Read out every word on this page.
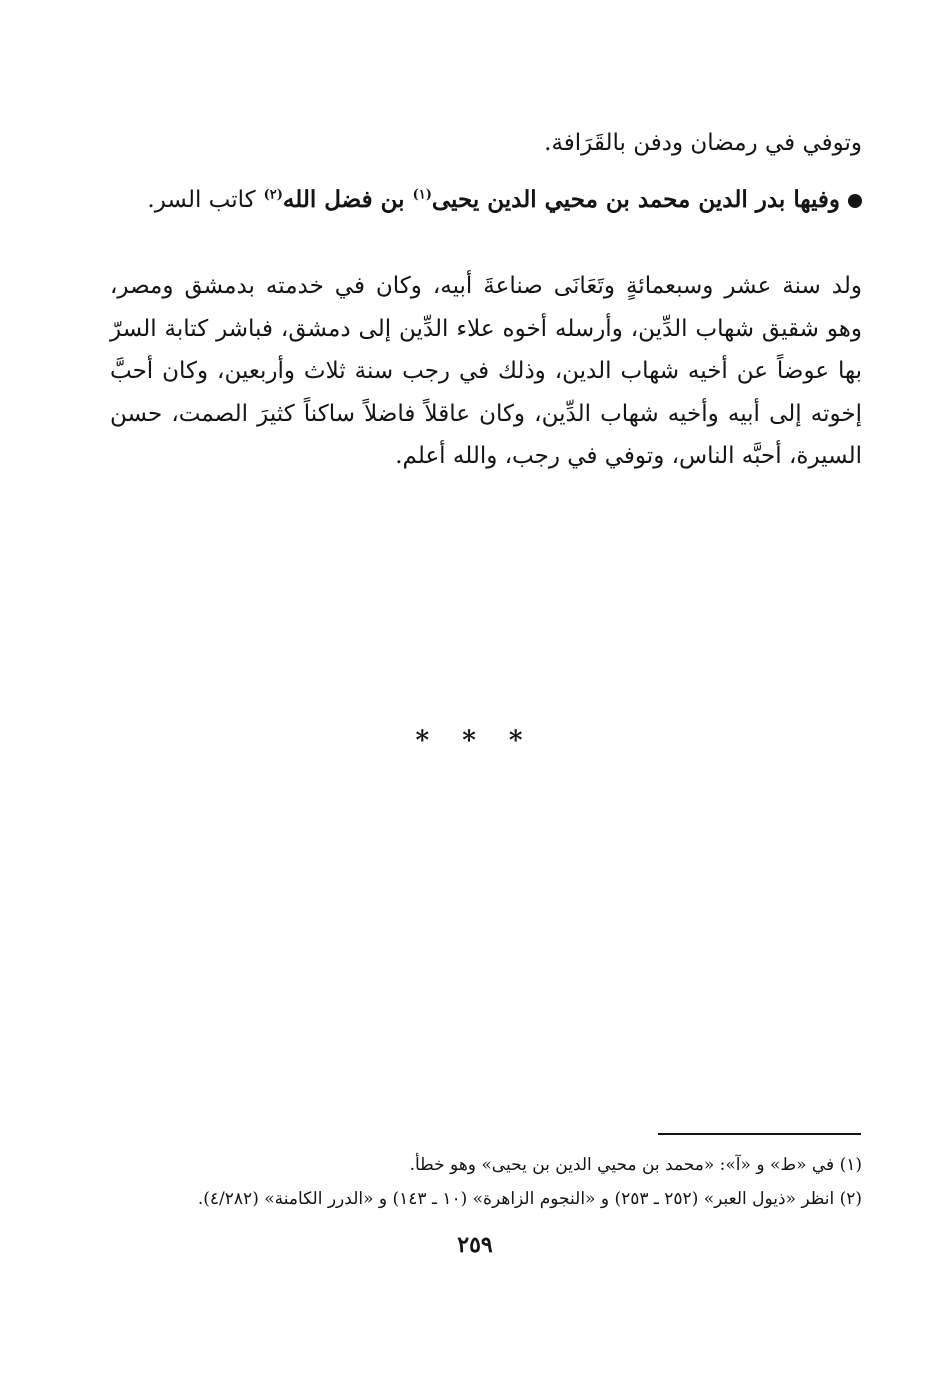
وتوفي في رمضان ودفن بالقَرَافة.

وفيها بدر الدين محمد بن محيي الدين يحيى$^{(١)}$ بن فضل الله$^{(٢)}$ كاتب السر.

ولد سنة عشر وسبعمائةٍ وتَعَانَى صناعةَ أبيه، وكان في خدمته بدمشق ومصر، وهو شقيق شهاب الدِّين، وأرسله أخوه علاء الدِّين إلى دمشق، فباشر كتابة السرّ بها عوضاً عن أخيه شهاب الدين، وذلك في رجب سنة ثلاث وأربعين، وكان أحبَّ إخوته إلى أبيه وأخيه شهاب الدِّين، وكان عاقلاً فاضلاً ساكناً كثيرَ الصمت، حسن السيرة، أحبَّه الناس، وتوفي في رجب، والله أعلم.

* * *

(١) في «ط» و «آ»: «محمد بن محيي الدين بن يحيى» وهو خطأ.

(٢) انظر «ذيول العبر» (٢٥٢ ـ ٢٥٣) و «النجوم الزاهرة» (١٠ ـ ١٤٣) و «الدرر الكامنة» (٤/٢٨٢).

٢٥٩
